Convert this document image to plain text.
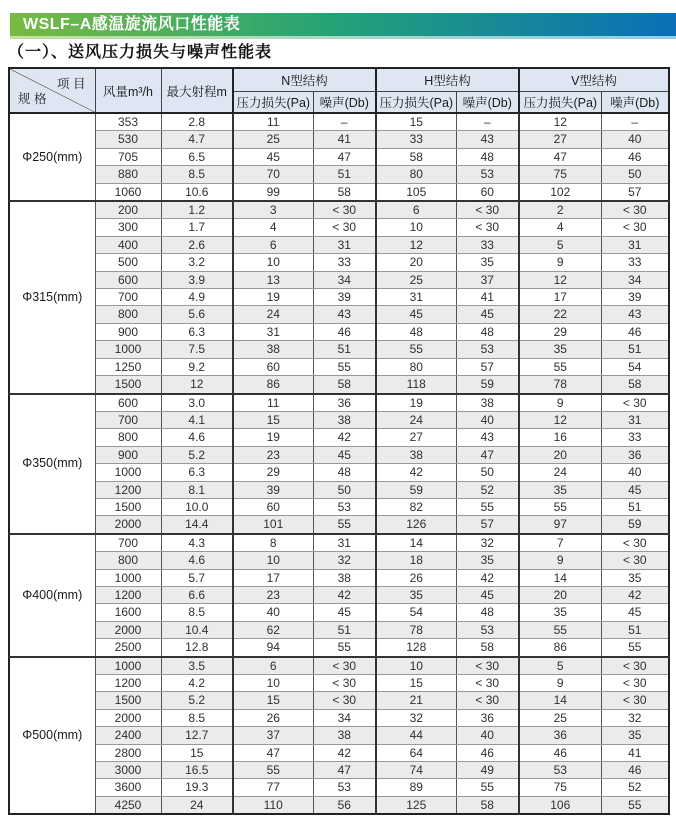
WSLF–A感温旋流风口性能表
（一）、送风压力损失与噪声性能表
项 目
规 格	风量m³/h	最大射程m	N型结构		H型结构		V型结构	
			压力损失(Pa)	噪声(Db)	压力损失(Pa)	噪声(Db)	压力损失(Pa)	噪声(Db)
Φ250(mm)	353	2.8	11	–	15	–	12	–
	530	4.7	25	41	33	43	27	40
	705	6.5	45	47	58	48	47	46
	880	8.5	70	51	80	53	75	50
	1060	10.6	99	58	105	60	102	57
Φ315(mm)	200	1.2	3	< 30	6	< 30	2	< 30
	300	1.7	4	< 30	10	< 30	4	< 30
	400	2.6	6	31	12	33	5	31
	500	3.2	10	33	20	35	9	33
	600	3.9	13	34	25	37	12	34
	700	4.9	19	39	31	41	17	39
	800	5.6	24	43	45	45	22	43
	900	6.3	31	46	48	48	29	46
	1000	7.5	38	51	55	53	35	51
	1250	9.2	60	55	80	57	55	54
	1500	12	86	58	118	59	78	58
Φ350(mm)	600	3.0	11	36	19	38	9	< 30
	700	4.1	15	38	24	40	12	31
	800	4.6	19	42	27	43	16	33
	900	5.2	23	45	38	47	20	36
	1000	6.3	29	48	42	50	24	40
	1200	8.1	39	50	59	52	35	45
	1500	10.0	60	53	82	55	55	51
	2000	14.4	101	55	126	57	97	59
Φ400(mm)	700	4.3	8	31	14	32	7	< 30
	800	4.6	10	32	18	35	9	< 30
	1000	5.7	17	38	26	42	14	35
	1200	6.6	23	42	35	45	20	42
	1600	8.5	40	45	54	48	35	45
	2000	10.4	62	51	78	53	55	51
	2500	12.8	94	55	128	58	86	55
Φ500(mm)	1000	3.5	6	< 30	10	< 30	5	< 30
	1200	4.2	10	< 30	15	< 30	9	< 30
	1500	5.2	15	< 30	21	< 30	14	< 30
	2000	8.5	26	34	32	36	25	32
	2400	12.7	37	38	44	40	36	35
	2800	15	47	42	64	46	46	41
	3000	16.5	55	47	74	49	53	46
	3600	19.3	77	53	89	55	75	52
	4250	24	110	56	125	58	106	55
